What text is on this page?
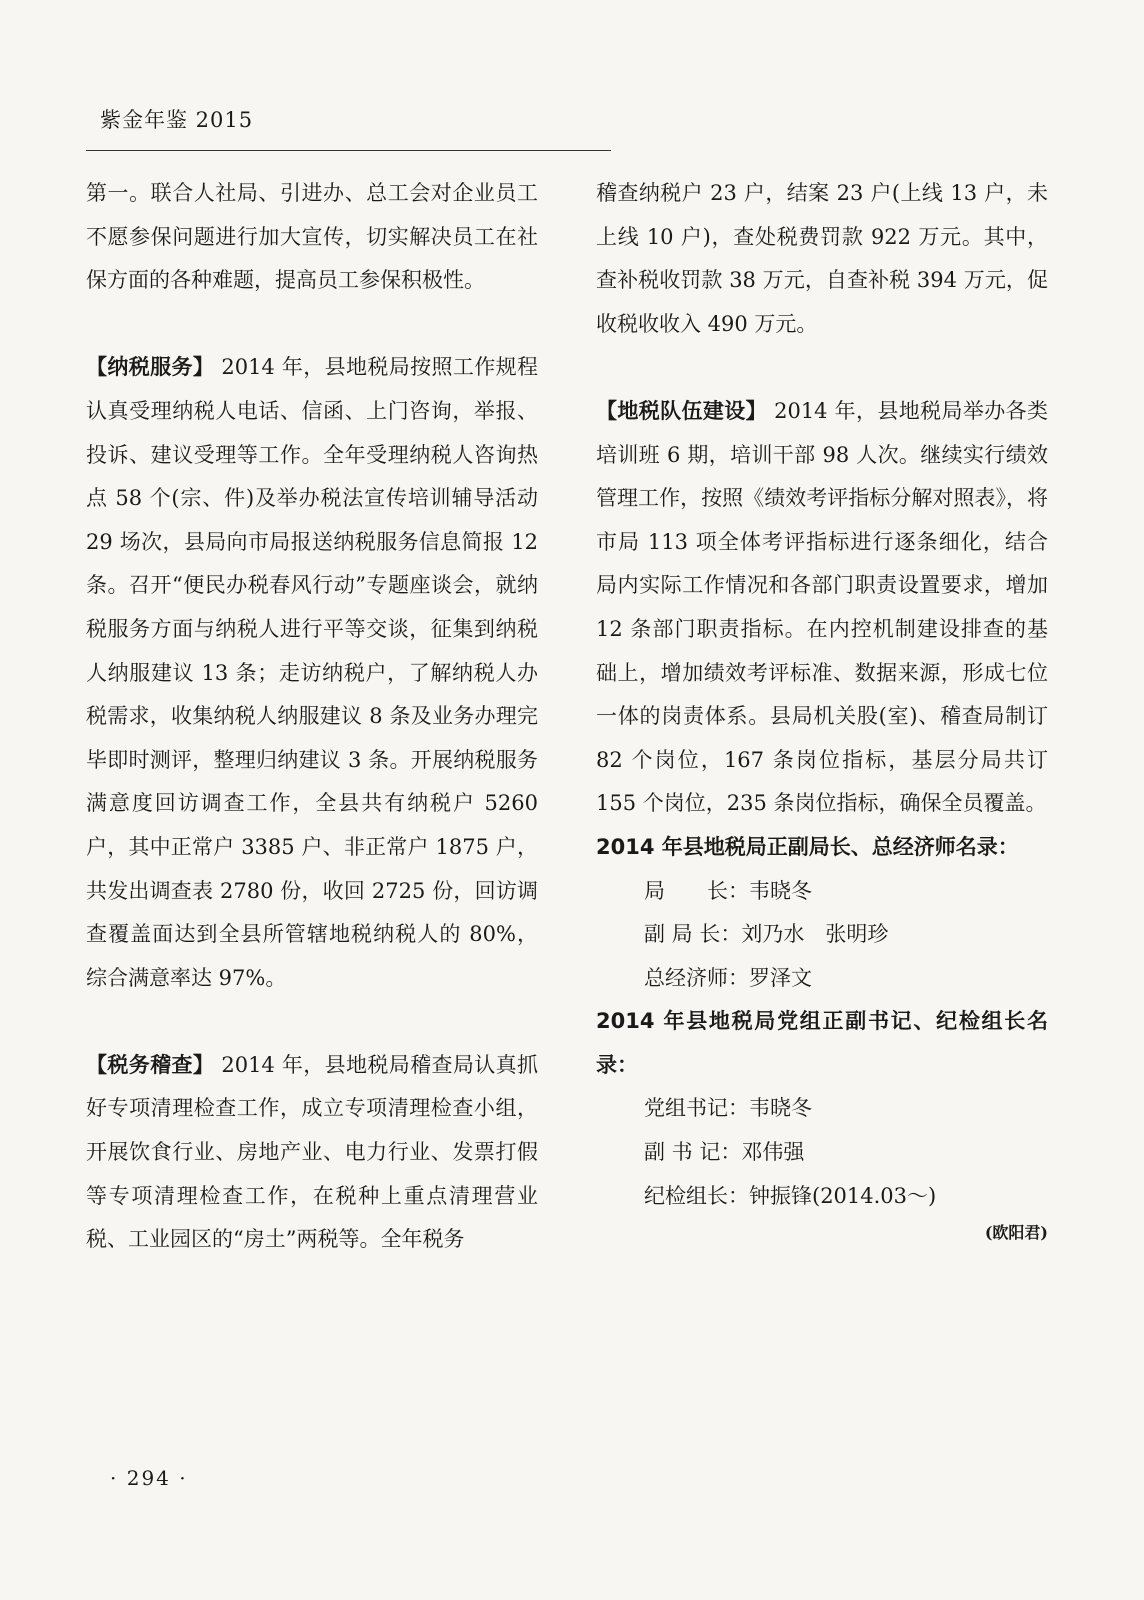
紫金年鉴 2015

第一。联合人社局、引进办、总工会对企业员工不愿参保问题进行加大宣传，切实解决员工在社保方面的各种难题，提高员工参保积极性。

【纳税服务】 2014 年，县地税局按照工作规程认真受理纳税人电话、信函、上门咨询，举报、投诉、建议受理等工作。全年受理纳税人咨询热点 58 个(宗、件)及举办税法宣传培训辅导活动 29 场次，县局向市局报送纳税服务信息简报 12 条。召开“便民办税春风行动”专题座谈会，就纳税服务方面与纳税人进行平等交谈，征集到纳税人纳服建议 13 条；走访纳税户，了解纳税人办税需求，收集纳税人纳服建议 8 条及业务办理完毕即时测评，整理归纳建议 3 条。开展纳税服务满意度回访调查工作，全县共有纳税户 5260 户，其中正常户 3385 户、非正常户 1875 户，共发出调查表 2780 份，收回 2725 份，回访调查覆盖面达到全县所管辖地税纳税人的 80%，综合满意率达 97%。

【税务稽查】 2014 年，县地税局稽查局认真抓好专项清理检查工作，成立专项清理检查小组，开展饮食行业、房地产业、电力行业、发票打假等专项清理检查工作，在税种上重点清理营业税、工业园区的“房土”两税等。全年税务

稽查纳税户 23 户，结案 23 户(上线 13 户，未上线 10 户)，查处税费罚款 922 万元。其中，查补税收罚款 38 万元，自查补税 394 万元，促收税收收入 490 万元。

【地税队伍建设】 2014 年，县地税局举办各类培训班 6 期，培训干部 98 人次。继续实行绩效管理工作，按照《绩效考评指标分解对照表》，将市局 113 项全体考评指标进行逐条细化，结合局内实际工作情况和各部门职责设置要求，增加 12 条部门职责指标。在内控机制建设排查的基础上，增加绩效考评标准、数据来源，形成七位一体的岗责体系。县局机关股(室)、稽查局制订 82 个岗位，167 条岗位指标，基层分局共订 155 个岗位，235 条岗位指标，确保全员覆盖。

2014 年县地税局正副局长、总经济师名录：

局　　长：韦晓冬

副 局 长：刘乃水　张明珍

总经济师：罗泽文

2014 年县地税局党组正副书记、纪检组长名录：

党组书记：韦晓冬

副 书 记：邓伟强

纪检组长：钟振锋(2014.03～)

(欧阳君)

· 294 ·
